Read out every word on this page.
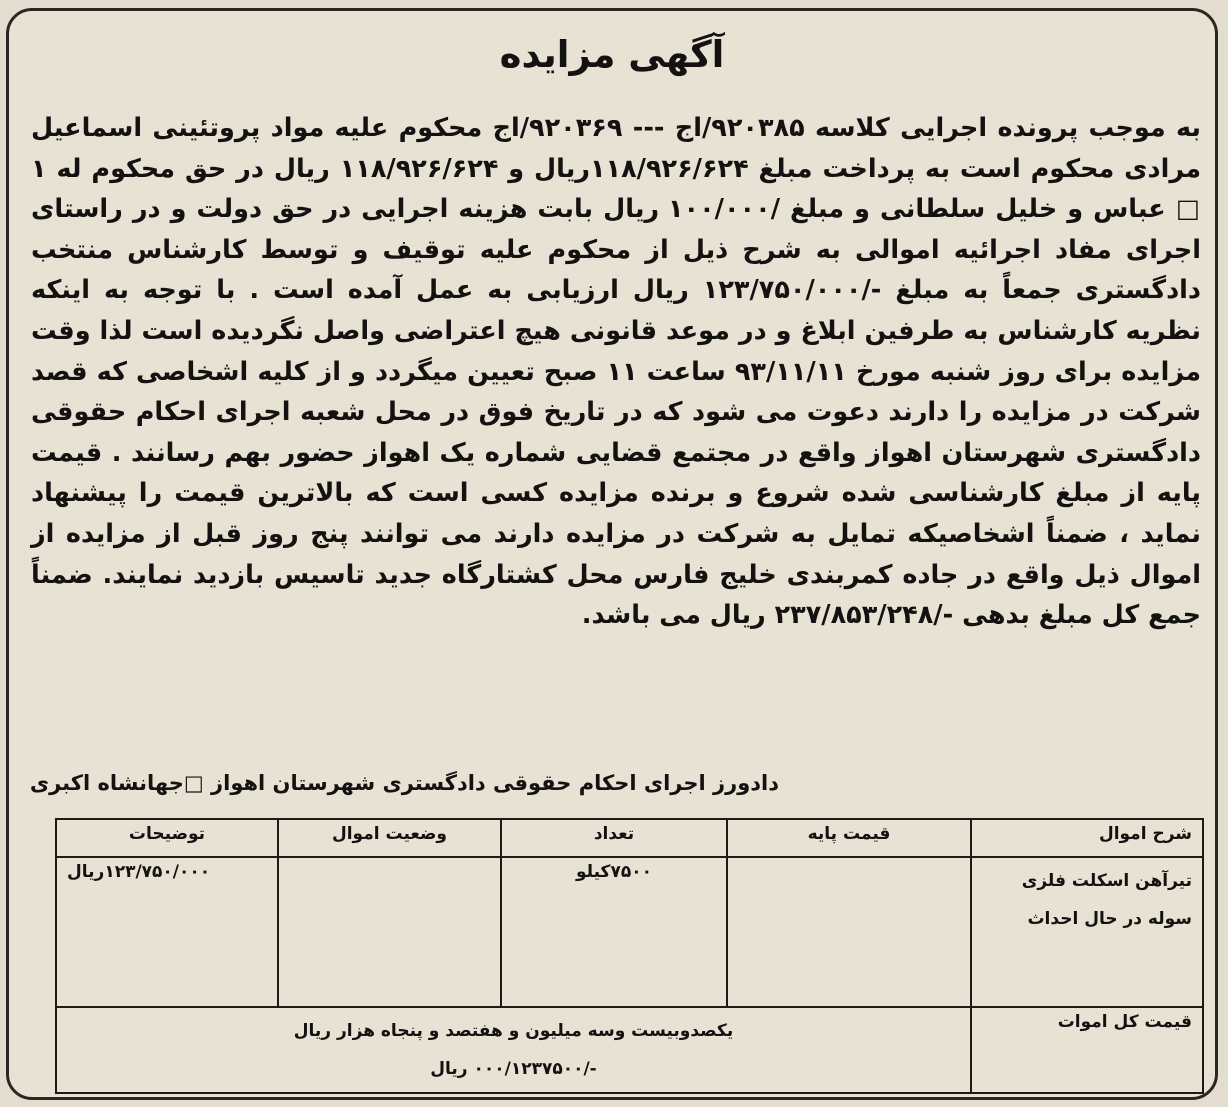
آگهی مزایده
به موجب پرونده اجرایی کلاسه ۹۲۰۳۸۵/اج --- ۹۲۰۳۶۹/اج محکوم علیه مواد پروتئینی اسماعیل مرادی محکوم است به پرداخت مبلغ ۱۱۸/۹۲۶/۶۲۴ریال و ۱۱۸/۹۲۶/۶۲۴ ریال در حق محکوم له ۱ □ عباس و خلیل سلطانی و مبلغ /۱۰۰/۰۰۰ ریال بابت هزینه اجرایی در حق دولت و در راستای اجرای مفاد اجرائیه اموالی به شرح ذیل از محکوم علیه توقیف و توسط کارشناس منتخب دادگستری جمعاً به مبلغ -/۱۲۳/۷۵۰/۰۰۰ ریال ارزیابی به عمل آمده است . با توجه به اینکه نظریه کارشناس به طرفین ابلاغ و در موعد قانونی هیچ اعتراضی واصل نگردیده است لذا وقت مزایده برای روز شنبه مورخ ۹۳/۱۱/۱۱ ساعت ۱۱ صبح تعیین میگردد و از کلیه اشخاصی که قصد شرکت در مزایده را دارند دعوت می شود که در تاریخ فوق در محل شعبه اجرای احکام حقوقی دادگستری شهرستان اهواز واقع در مجتمع قضایی شماره یک اهواز حضور بهم رسانند . قیمت پایه از مبلغ کارشناسی شده شروع و برنده مزایده کسی است که بالاترین قیمت را پیشنهاد نماید ، ضمناً اشخاصیکه تمایل به شرکت در مزایده دارند می توانند پنج روز قبل از مزایده از اموال ذیل واقع در جاده کمربندی خلیج فارس محل کشتارگاه جدید تاسیس بازدید نمایند. ضمناً جمع کل مبلغ بدهی -/۲۳۷/۸۵۳/۲۴۸ ریال می باشد.
دادورز اجرای احکام حقوقی دادگستری شهرستان اهواز □جهانشاه اکبری
شرح اموال	قیمت پایه	تعداد	وضعیت اموال	توضیحات
تیرآهن اسکلت فلزی سوله در حال احداث		۷۵۰۰کیلو		۱۲۳/۷۵۰/۰۰۰ریال
قیمت کل اموات	یکصدوبیست وسه میلیون و هفتصد و پنجاه هزار ریال
-/۰۰۰/۱۲۳۷۵۰۰ ریال			
